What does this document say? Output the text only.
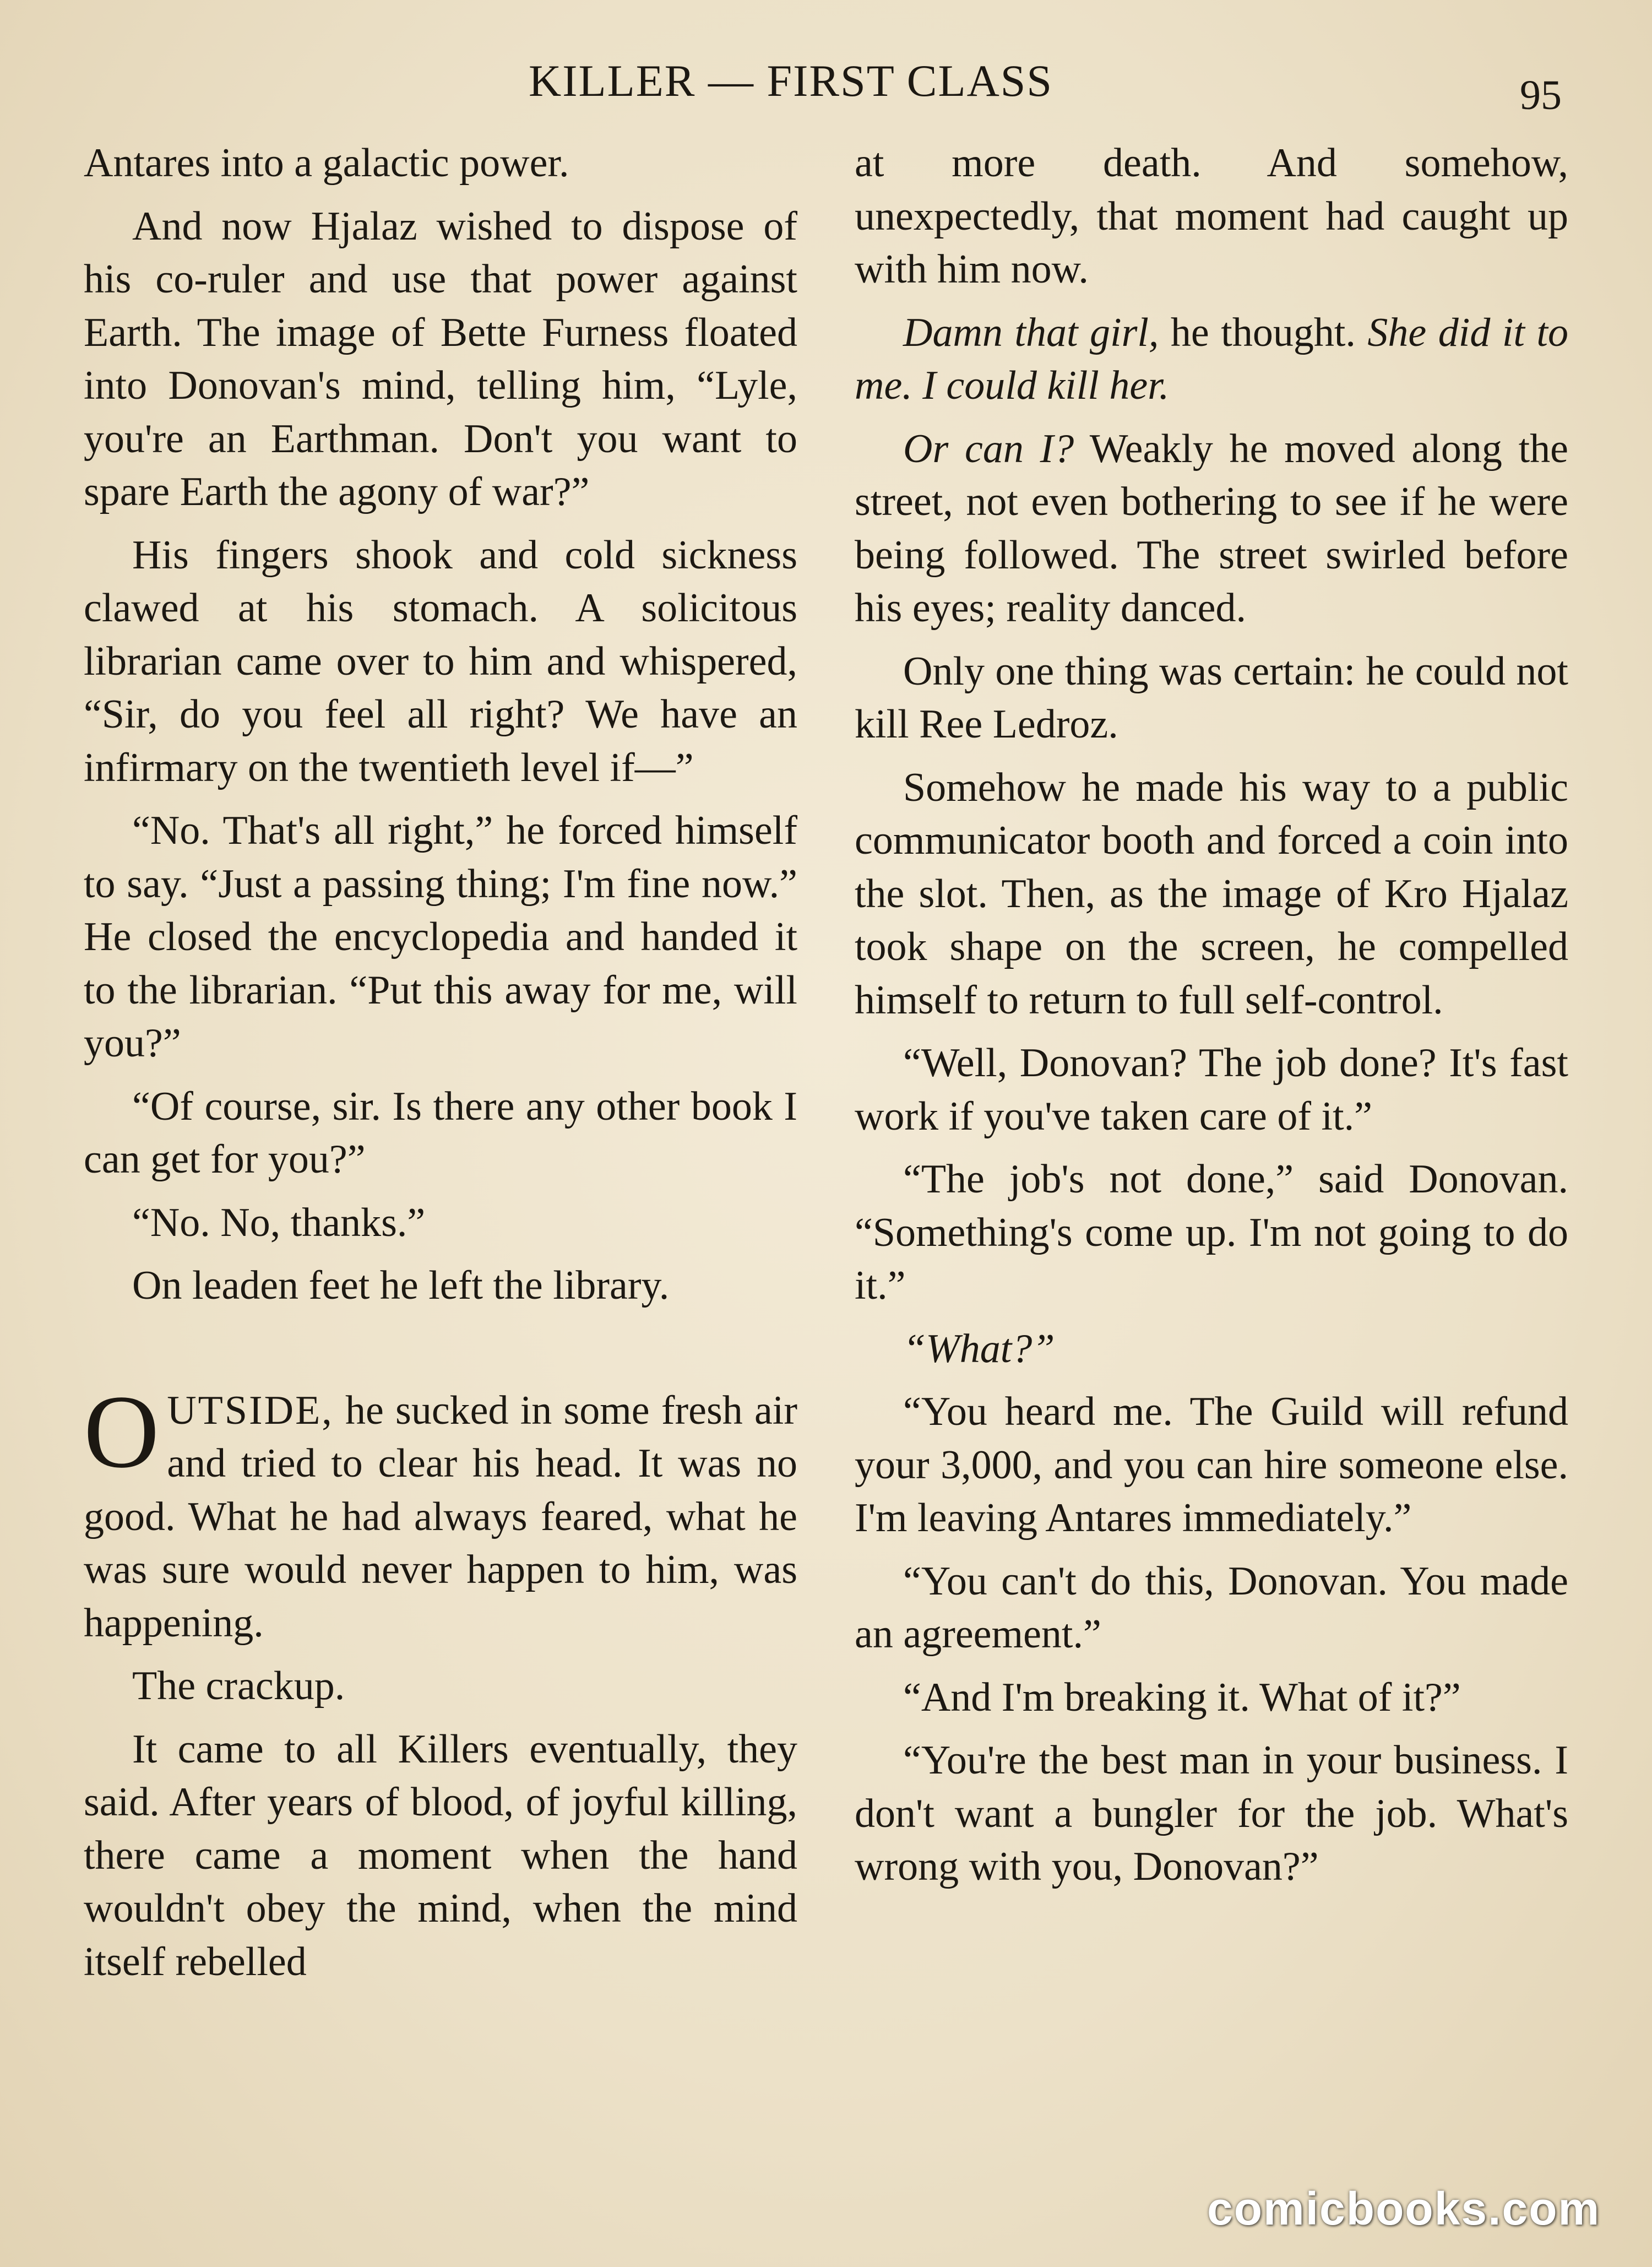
KILLER — FIRST CLASS	95

Antares into a galactic power.

And now Hjalaz wished to dispose of his co-ruler and use that power against Earth. The image of Bette Furness floated into Donovan's mind, telling him, “Lyle, you're an Earthman. Don't you want to spare Earth the agony of war?”

His fingers shook and cold sickness clawed at his stomach. A solicitous librarian came over to him and whispered, “Sir, do you feel all right? We have an infirmary on the twentieth level if—”

“No. That's all right,” he forced himself to say. “Just a passing thing; I'm fine now.” He closed the encyclopedia and handed it to the librarian. “Put this away for me, will you?”

“Of course, sir. Is there any other book I can get for you?”

“No. No, thanks.”

On leaden feet he left the library.

OUTSIDE, he sucked in some fresh air and tried to clear his head. It was no good. What he had always feared, what he was sure would never happen to him, was happening.

The crackup.

It came to all Killers eventually, they said. After years of blood, of joyful killing, there came a moment when the hand wouldn't obey the mind, when the mind itself rebelled

at more death. And somehow, unexpectedly, that moment had caught up with him now.

Damn that girl, he thought. She did it to me. I could kill her.

Or can I? Weakly he moved along the street, not even bothering to see if he were being followed. The street swirled before his eyes; reality danced.

Only one thing was certain: he could not kill Ree Ledroz.

Somehow he made his way to a public communicator booth and forced a coin into the slot. Then, as the image of Kro Hjalaz took shape on the screen, he compelled himself to return to full self-control.

“Well, Donovan? The job done? It's fast work if you've taken care of it.”

“The job's not done,” said Donovan. “Something's come up. I'm not going to do it.”

“What?”

“You heard me. The Guild will refund your 3,000, and you can hire someone else. I'm leaving Antares immediately.”

“You can't do this, Donovan. You made an agreement.”

“And I'm breaking it. What of it?”

“You're the best man in your business. I don't want a bungler for the job. What's wrong with you, Donovan?”

comicbooks.com
